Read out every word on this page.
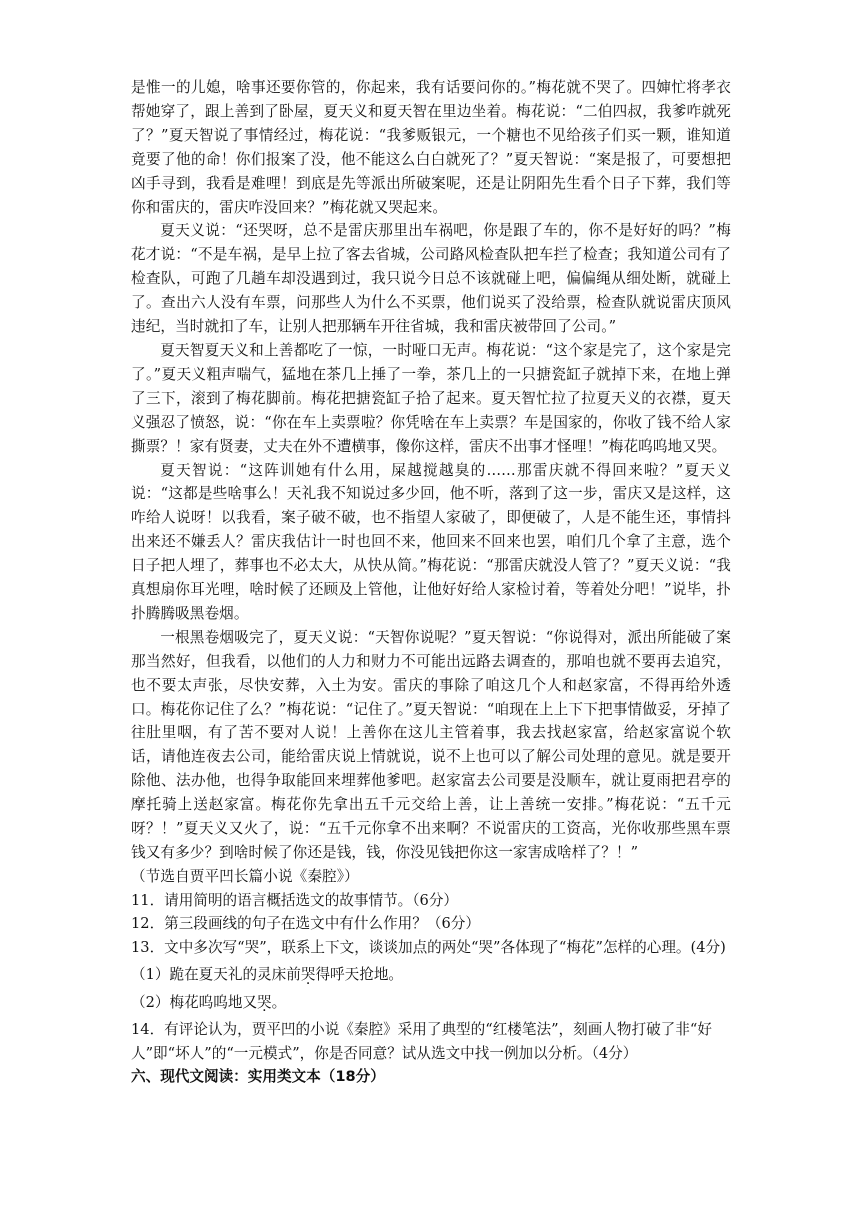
是惟一的儿媳，啥事还要你管的，你起来，我有话要问你的。”梅花就不哭了。四婶忙将孝衣帮她穿了，跟上善到了卧屋，夏天义和夏天智在里边坐着。梅花说：“二伯四叔，我爹咋就死了？”夏天智说了事情经过，梅花说：“我爹贩银元，一个糖也不见给孩子们买一颗，谁知道竟要了他的命！你们报案了没，他不能这么白白就死了？”夏天智说：“案是报了，可要想把凶手寻到，我看是难哩！到底是先等派出所破案呢，还是让阴阳先生看个日子下葬，我们等你和雷庆的，雷庆咋没回来？”梅花就又哭起来。

夏天义说：“还哭呀，总不是雷庆那里出车祸吧，你是跟了车的，你不是好好的吗？”梅花才说：“不是车祸，是早上拉了客去省城，公司路风检查队把车拦了检查；我知道公司有了检查队，可跑了几趟车却没遇到过，我只说今日总不该就碰上吧，偏偏绳从细处断，就碰上了。查出六人没有车票，问那些人为什么不买票，他们说买了没给票，检查队就说雷庆顶风违纪，当时就扣了车，让别人把那辆车开往省城，我和雷庆被带回了公司。”

夏天智夏天义和上善都吃了一惊，一时哑口无声。梅花说：“这个家是完了，这个家是完了。”夏天义粗声喘气，猛地在茶几上捶了一拳，茶几上的一只搪瓷缸子就掉下来，在地上弹了三下，滚到了梅花脚前。梅花把搪瓷缸子拾了起来。夏天智忙拉了拉夏天义的衣襟，夏天义强忍了愤怒，说：“你在车上卖票啦？你凭啥在车上卖票？车是国家的，你收了钱不给人家撕票？！家有贤妻，丈夫在外不遭横事，像你这样，雷庆不出事才怪哩！”梅花呜呜地又哭。

夏天智说：“这阵训她有什么用，屎越搅越臭的……那雷庆就不得回来啦？”夏天义说：“这都是些啥事么！天礼我不知说过多少回，他不听，落到了这一步，雷庆又是这样，这咋给人说呀！以我看，案子破不破，也不指望人家破了，即便破了，人是不能生还，事情抖出来还不嫌丢人？雷庆我估计一时也回不来，他回来不回来也罢，咱们几个拿了主意，选个日子把人埋了，葬事也不必太大，从快从简。”梅花说：“那雷庆就没人管了？”夏天义说：“我真想扇你耳光哩，啥时候了还顾及上管他，让他好好给人家检讨着，等着处分吧！”说毕，扑扑腾腾吸黑卷烟。

一根黑卷烟吸完了，夏天义说：“天智你说呢？”夏天智说：“你说得对，派出所能破了案那当然好，但我看，以他们的人力和财力不可能出远路去调查的，那咱也就不要再去追究，也不要太声张，尽快安葬，入土为安。雷庆的事除了咱这几个人和赵家富，不得再给外透口。梅花你记住了么？”梅花说：“记住了。”夏天智说：“咱现在上上下下把事情做妥，牙掉了往肚里咽，有了苦不要对人说！上善你在这儿主管着事，我去找赵家富，给赵家富说个软话，请他连夜去公司，能给雷庆说上情就说，说不上也可以了解公司处理的意见。就是要开除他、法办他，也得争取能回来埋葬他爹吧。赵家富去公司要是没顺车，就让夏雨把君亭的摩托骑上送赵家富。梅花你先拿出五千元交给上善，让上善统一安排。”梅花说：“五千元呀？！”夏天义又火了，说：“五千元你拿不出来啊？不说雷庆的工资高，光你收那些黑车票钱又有多少？到啥时候了你还是钱，钱，你没见钱把你这一家害成啥样了？！”

（节选自贾平凹长篇小说《秦腔》）

11．请用简明的语言概括选文的故事情节。（6分）

12．第三段画线的句子在选文中有什么作用？（6分）

13．文中多次写“哭”，联系上下文，谈谈加点的两处“哭”各体现了“梅花”怎样的心理。(4分)

（1）跪在夏天礼的灵床前哭得呼天抢地。

（2）梅花呜呜地又哭。

14．有评论认为，贾平凹的小说《秦腔》采用了典型的“红楼笔法”，刻画人物打破了非“好人”即“坏人”的“一元模式”，你是否同意？试从选文中找一例加以分析。（4分）

六、现代文阅读：实用类文本（18分）
